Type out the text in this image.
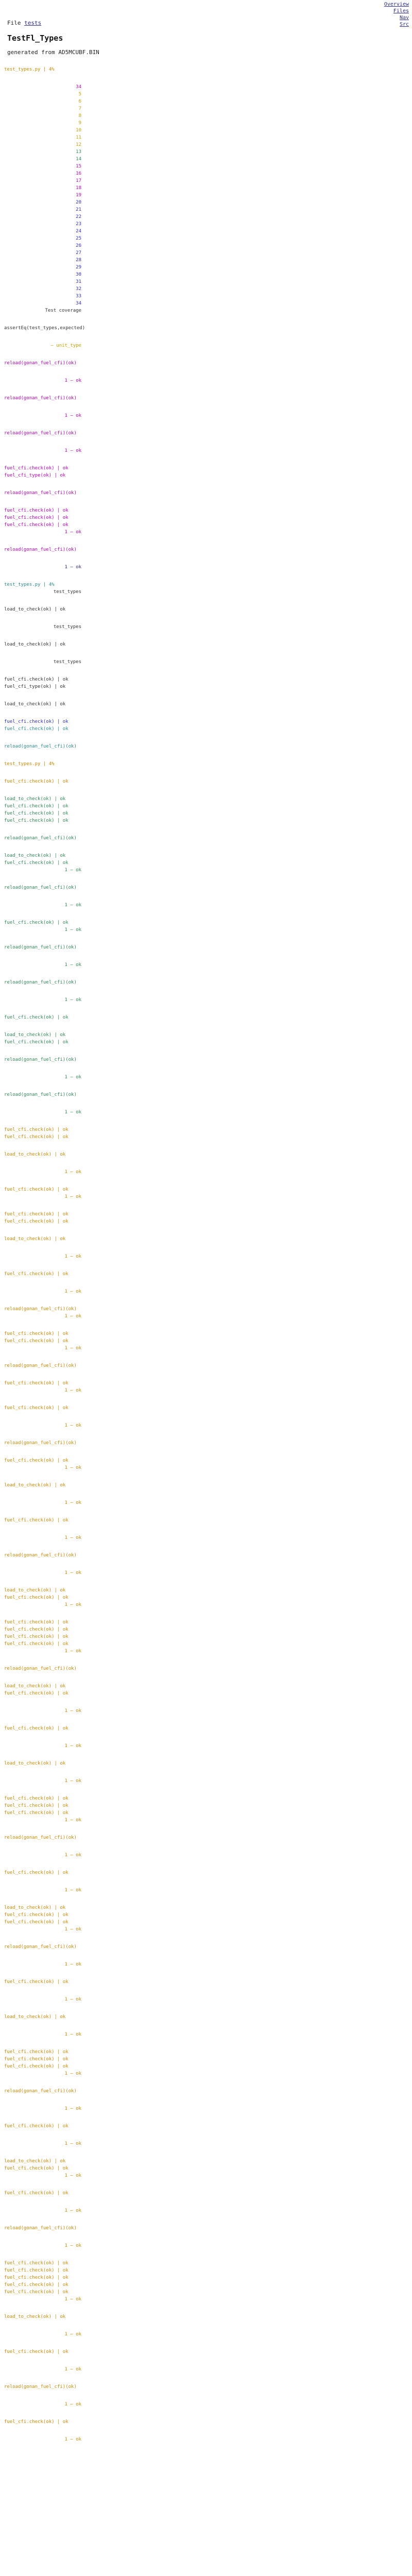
Overview
Files
Nav
Src
File tests
TestFl_Types
generated from AD5MCUBF.BIN
test_types.py | 4%
34
5
6
7
8
9
10
11
12
13
14
15
16
17
18
19
20
21
22
23
24
25
26
27
28
29
30
31
32
33
34
Test coverage
assertEq(test_types,expected)
— unit_type
reload(gonan_fuel_cfi)(ok)
1 — ok
reload(gonan_fuel_cfi)(ok)
1 — ok
reload(gonan_fuel_cfi)(ok)
1 — ok
fuel_cfi.check(ok) | ok
fuel_cfi_type(ok) | ok
reload(gonan_fuel_cfi)(ok)
fuel_cfi.check(ok) | ok
fuel_cfi.check(ok) | ok
fuel_cfi.check(ok) | ok
1 — ok
reload(gonan_fuel_cfi)(ok)
1 — ok
test_types.py | 4%
test_types
load_to_check(ok) | ok
test_types
load_to_check(ok) | ok
test_types
fuel_cfi.check(ok) | ok
fuel_cfi_type(ok) | ok
load_to_check(ok) | ok
fuel_cfi.check(ok) | ok
fuel_cfi.check(ok) | ok
reload(gonan_fuel_cfi)(ok)
test_types.py | 4%
fuel_cfi.check(ok) | ok
load_to_check(ok) | ok
fuel_cfi.check(ok) | ok
fuel_cfi.check(ok) | ok
fuel_cfi.check(ok) | ok
reload(gonan_fuel_cfi)(ok)
load_to_check(ok) | ok
fuel_cfi.check(ok) | ok
1 — ok
reload(gonan_fuel_cfi)(ok)
1 — ok
fuel_cfi.check(ok) | ok
1 — ok
reload(gonan_fuel_cfi)(ok)
1 — ok
reload(gonan_fuel_cfi)(ok)
1 — ok
fuel_cfi.check(ok) | ok
load_to_check(ok) | ok
fuel_cfi.check(ok) | ok
reload(gonan_fuel_cfi)(ok)
1 — ok
reload(gonan_fuel_cfi)(ok)
1 — ok
fuel_cfi.check(ok) | ok
fuel_cfi.check(ok) | ok
load_to_check(ok) | ok
1 — ok
fuel_cfi.check(ok) | ok
1 — ok
fuel_cfi.check(ok) | ok
fuel_cfi.check(ok) | ok
load_to_check(ok) | ok
1 — ok
fuel_cfi.check(ok) | ok
1 — ok
reload(gonan_fuel_cfi)(ok)
1 — ok
fuel_cfi.check(ok) | ok
fuel_cfi.check(ok) | ok
1 — ok
reload(gonan_fuel_cfi)(ok)
fuel_cfi.check(ok) | ok
1 — ok
fuel_cfi.check(ok) | ok
1 — ok
reload(gonan_fuel_cfi)(ok)
fuel_cfi.check(ok) | ok
1 — ok
load_to_check(ok) | ok
1 — ok
fuel_cfi.check(ok) | ok
1 — ok
reload(gonan_fuel_cfi)(ok)
1 — ok
load_to_check(ok) | ok
fuel_cfi.check(ok) | ok
1 — ok
fuel_cfi.check(ok) | ok
fuel_cfi.check(ok) | ok
fuel_cfi.check(ok) | ok
fuel_cfi.check(ok) | ok
1 — ok
reload(gonan_fuel_cfi)(ok)
load_to_check(ok) | ok
fuel_cfi.check(ok) | ok
1 — ok
fuel_cfi.check(ok) | ok
1 — ok
load_to_check(ok) | ok
1 — ok
fuel_cfi.check(ok) | ok
fuel_cfi.check(ok) | ok
fuel_cfi.check(ok) | ok
1 — ok
reload(gonan_fuel_cfi)(ok)
1 — ok
fuel_cfi.check(ok) | ok
1 — ok
load_to_check(ok) | ok
fuel_cfi.check(ok) | ok
fuel_cfi.check(ok) | ok
1 — ok
reload(gonan_fuel_cfi)(ok)
1 — ok
fuel_cfi.check(ok) | ok
1 — ok
load_to_check(ok) | ok
1 — ok
fuel_cfi.check(ok) | ok
fuel_cfi.check(ok) | ok
fuel_cfi.check(ok) | ok
1 — ok
reload(gonan_fuel_cfi)(ok)
1 — ok
fuel_cfi.check(ok) | ok
1 — ok
load_to_check(ok) | ok
fuel_cfi.check(ok) | ok
1 — ok
fuel_cfi.check(ok) | ok
1 — ok
reload(gonan_fuel_cfi)(ok)
1 — ok
fuel_cfi.check(ok) | ok
fuel_cfi.check(ok) | ok
fuel_cfi.check(ok) | ok
fuel_cfi.check(ok) | ok
fuel_cfi.check(ok) | ok
1 — ok
load_to_check(ok) | ok
1 — ok
fuel_cfi.check(ok) | ok
1 — ok
reload(gonan_fuel_cfi)(ok)
1 — ok
fuel_cfi.check(ok) | ok
1 — ok
